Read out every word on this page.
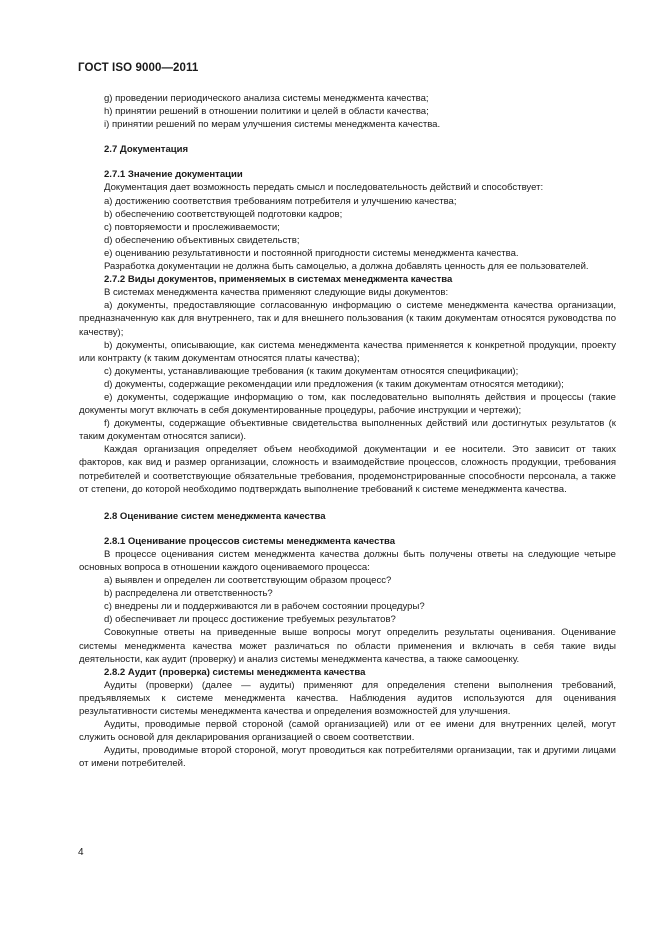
ГОСТ ISO 9000—2011

g) проведении периодического анализа системы менеджмента качества;

h) принятии решений в отношении политики и целей в области качества;

i) принятии решений по мерам улучшения системы менеджмента качества.

2.7 Документация

2.7.1 Значение документации

Документация дает возможность передать смысл и последовательность действий и способствует:

а) достижению соответствия требованиям потребителя и улучшению качества;

b) обеспечению соответствующей подготовки кадров;

с) повторяемости и прослеживаемости;

d) обеспечению объективных свидетельств;

е) оцениванию результативности и постоянной пригодности системы менеджмента качества.

Разработка документации не должна быть самоцелью, а должна добавлять ценность для ее пользователей.

2.7.2 Виды документов, применяемых в системах менеджмента качества

В системах менеджмента качества применяют следующие виды документов:

а) документы, предоставляющие согласованную информацию о системе менеджмента качества организации, предназначенную как для внутреннего, так и для внешнего пользования (к таким документам относятся руководства по качеству);

b) документы, описывающие, как система менеджмента качества применяется к конкретной продукции, проекту или контракту (к таким документам относятся платы качества);

с) документы, устанавливающие требования (к таким документам относятся спецификации);

d) документы, содержащие рекомендации или предложения (к таким документам относятся методики);

е) документы, содержащие информацию о том, как последовательно выполнять действия и процессы (такие документы могут включать в себя документированные процедуры, рабочие инструкции и чертежи);

f) документы, содержащие объективные свидетельства выполненных действий или достигнутых результатов (к таким документам относятся записи).

Каждая организация определяет объем необходимой документации и ее носители. Это зависит от таких факторов, как вид и размер организации, сложность и взаимодействие процессов, сложность продукции, требования потребителей и соответствующие обязательные требования, продемонстрированные способности персонала, а также от степени, до которой необходимо подтверждать выполнение требований к системе менеджмента качества.

2.8 Оценивание систем менеджмента качества

2.8.1 Оценивание процессов системы менеджмента качества

В процессе оценивания систем менеджмента качества должны быть получены ответы на следующие четыре основных вопроса в отношении каждого оцениваемого процесса:

а) выявлен и определен ли соответствующим образом процесс?

b) распределена ли ответственность?

с) внедрены ли и поддерживаются ли в рабочем состоянии процедуры?

d) обеспечивает ли процесс достижение требуемых результатов?

Совокупные ответы на приведенные выше вопросы могут определить результаты оценивания. Оценивание системы менеджмента качества может различаться по области применения и включать в себя такие виды деятельности, как аудит (проверку) и анализ системы менеджмента качества, а также самооценку.

2.8.2 Аудит (проверка) системы менеджмента качества

Аудиты (проверки) (далее — аудиты) применяют для определения степени выполнения требований, предъявляемых к системе менеджмента качества. Наблюдения аудитов используются для оценивания результативности системы менеджмента качества и определения возможностей для улучшения.

Аудиты, проводимые первой стороной (самой организацией) или от ее имени для внутренних целей, могут служить основой для декларирования организацией о своем соответствии.

Аудиты, проводимые второй стороной, могут проводиться как потребителями организации, так и другими лицами от имени потребителей.

4
